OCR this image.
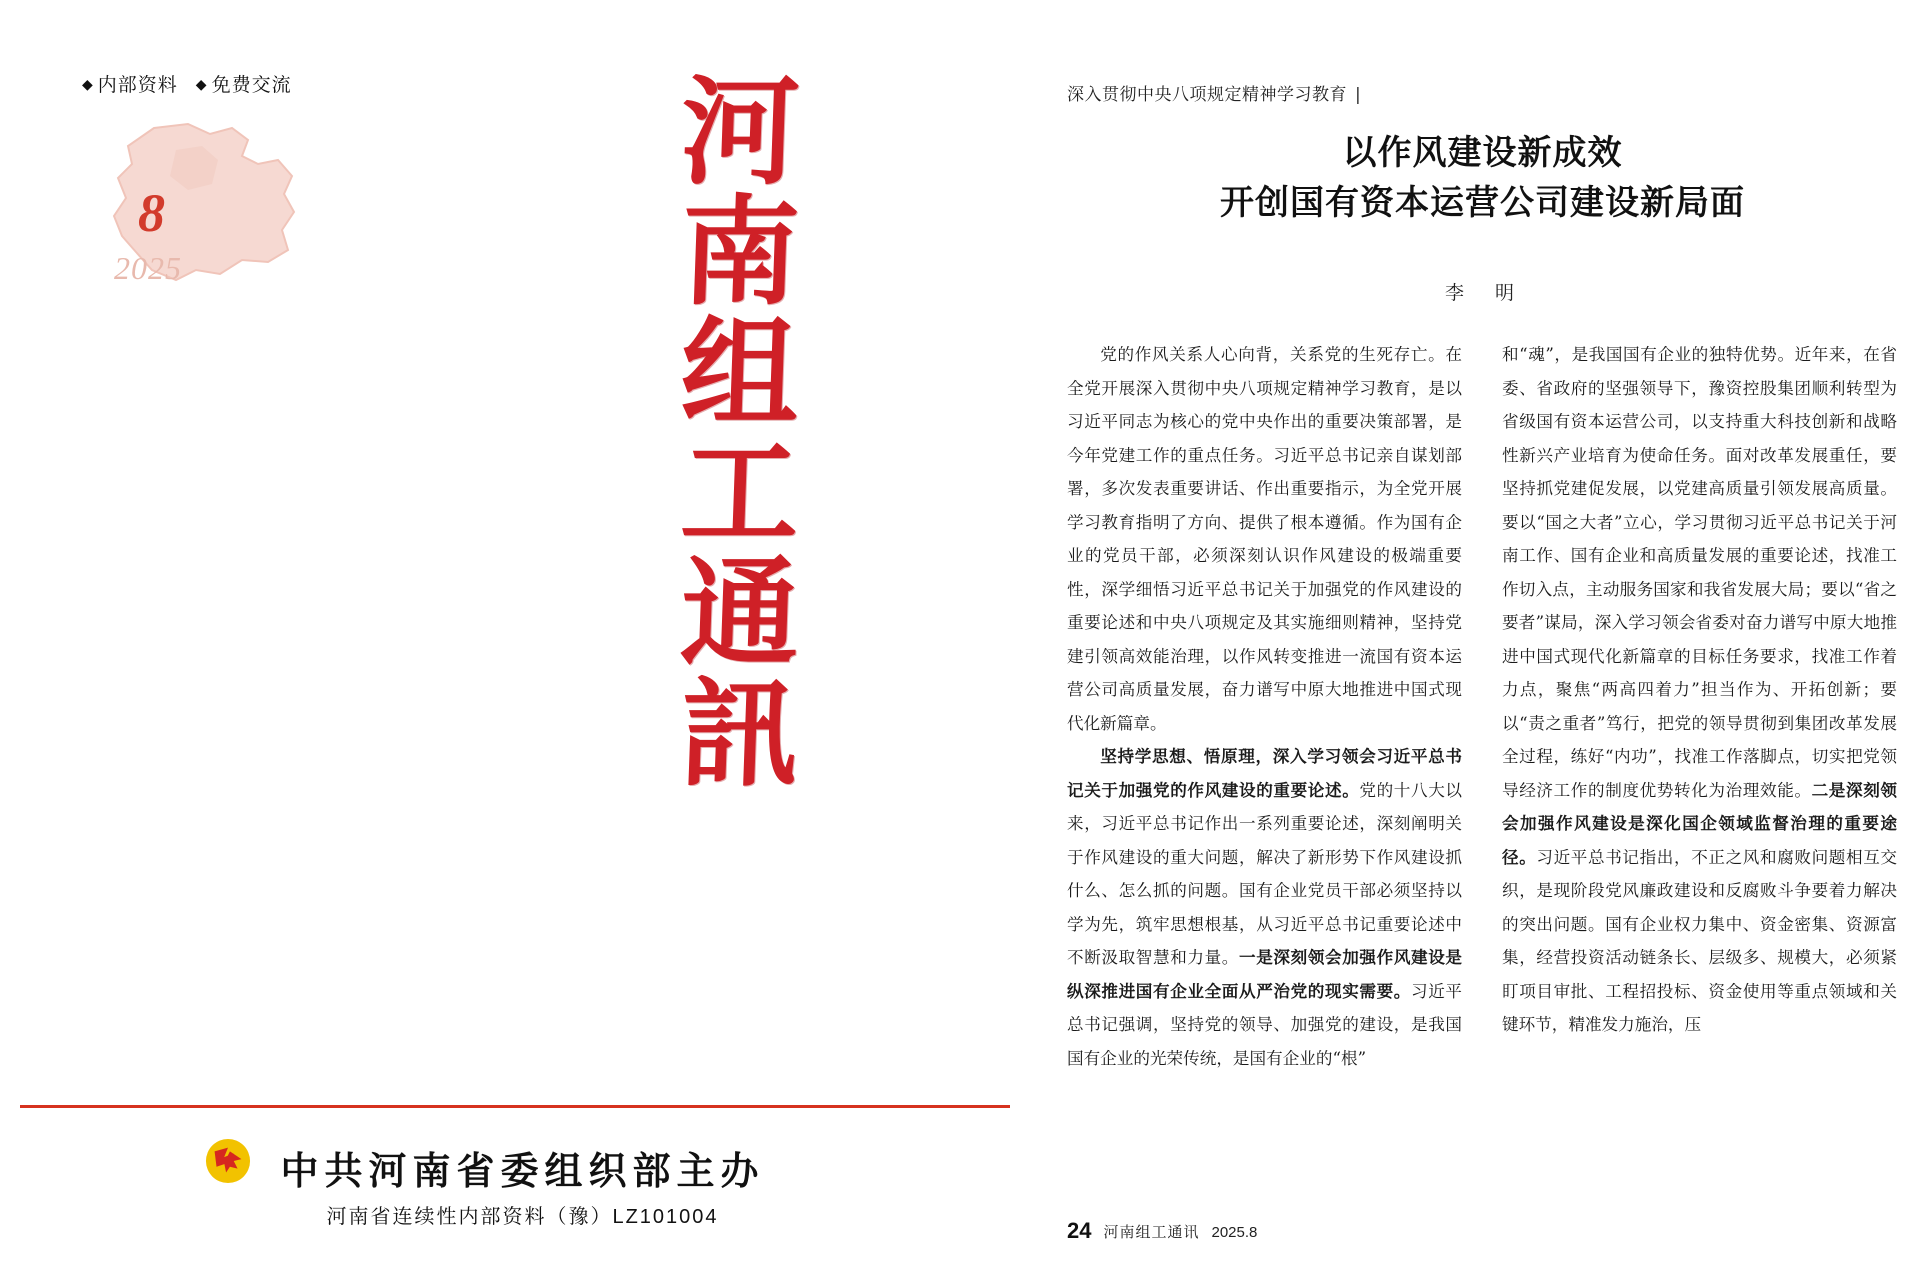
◆ 内部资料 ◆ 免费交流
8
2025
河
南
组
工
通
訊
中共河南省委组织部主办
河南省连续性内部资料（豫）LZ101004
深入贯彻中央八项规定精神学习教育 |
以作风建设新成效
开创国有资本运营公司建设新局面
李　明

党的作风关系人心向背，关系党的生死存亡。在全党开展深入贯彻中央八项规定精神学习教育，是以习近平同志为核心的党中央作出的重要决策部署，是今年党建工作的重点任务。习近平总书记亲自谋划部署，多次发表重要讲话、作出重要指示，为全党开展学习教育指明了方向、提供了根本遵循。作为国有企业的党员干部，必须深刻认识作风建设的极端重要性，深学细悟习近平总书记关于加强党的作风建设的重要论述和中央八项规定及其实施细则精神，坚持党建引领高效能治理，以作风转变推进一流国有资本运营公司高质量发展，奋力谱写中原大地推进中国式现代化新篇章。

坚持学思想、悟原理，深入学习领会习近平总书记关于加强党的作风建设的重要论述。党的十八大以来，习近平总书记作出一系列重要论述，深刻阐明关于作风建设的重大问题，解决了新形势下作风建设抓什么、怎么抓的问题。国有企业党员干部必须坚持以学为先，筑牢思想根基，从习近平总书记重要论述中不断汲取智慧和力量。一是深刻领会加强作风建设是纵深推进国有企业全面从严治党的现实需要。习近平总书记强调，坚持党的领导、加强党的建设，是我国国有企业的光荣传统，是国有企业的“根”

和“魂”，是我国国有企业的独特优势。近年来，在省委、省政府的坚强领导下，豫资控股集团顺利转型为省级国有资本运营公司，以支持重大科技创新和战略性新兴产业培育为使命任务。面对改革发展重任，要坚持抓党建促发展，以党建高质量引领发展高质量。要以“国之大者”立心，学习贯彻习近平总书记关于河南工作、国有企业和高质量发展的重要论述，找准工作切入点，主动服务国家和我省发展大局；要以“省之要者”谋局，深入学习领会省委对奋力谱写中原大地推进中国式现代化新篇章的目标任务要求，找准工作着力点，聚焦“两高四着力”担当作为、开拓创新；要以“责之重者”笃行，把党的领导贯彻到集团改革发展全过程，练好“内功”，找准工作落脚点，切实把党领导经济工作的制度优势转化为治理效能。二是深刻领会加强作风建设是深化国企领域监督治理的重要途径。习近平总书记指出，不正之风和腐败问题相互交织，是现阶段党风廉政建设和反腐败斗争要着力解决的突出问题。国有企业权力集中、资金密集、资源富集，经营投资活动链条长、层级多、规模大，必须紧盯项目审批、工程招投标、资金使用等重点领域和关键环节，精准发力施治，压

24 河南组工通讯 2025.8
